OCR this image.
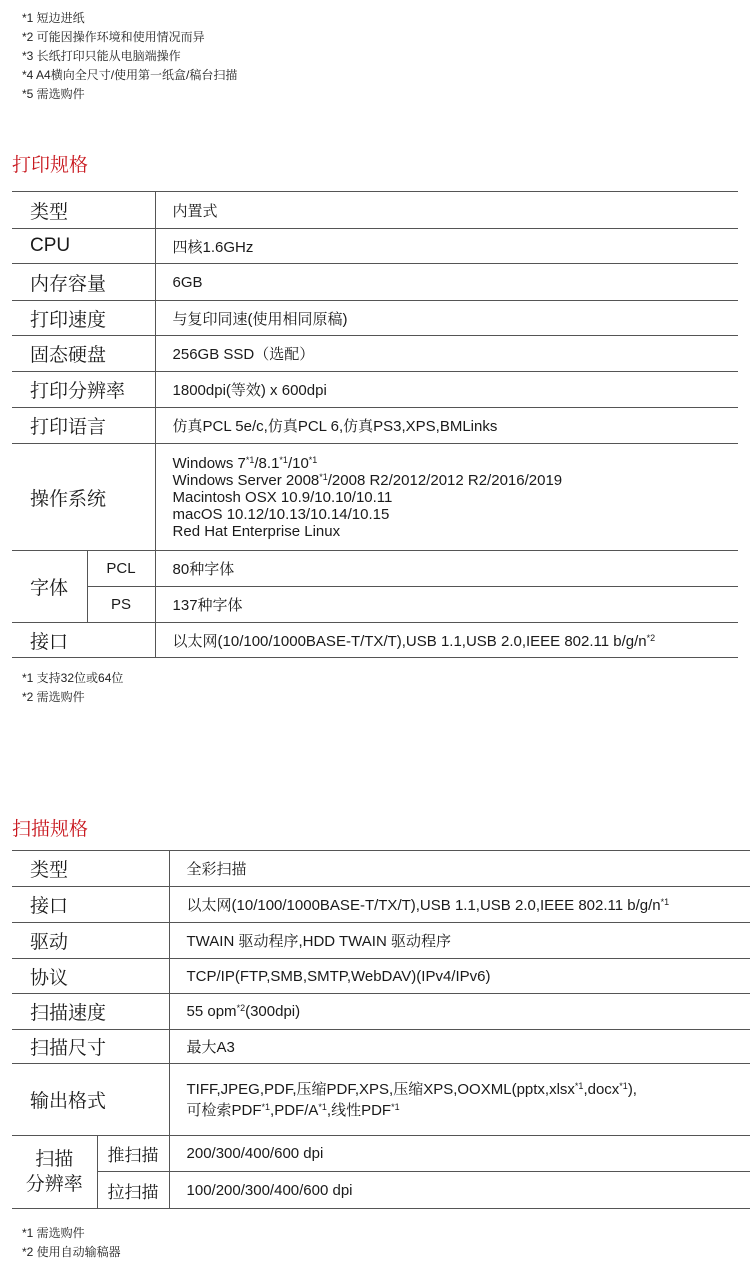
*1 短边进纸
*2 可能因操作环境和使用情况而异
*3 长纸打印只能从电脑端操作
*4 A4横向全尺寸/使用第一纸盒/稿台扫描
*5 需选购件
打印规格
类型		内置式
CPU		四核1.6GHz
内存容量		6GB
打印速度		与复印同速(使用相同原稿)
固态硬盘		256GB SSD（选配）
打印分辨率		1800dpi(等效) x 600dpi
打印语言		仿真PCL 5e/c,仿真PCL 6,仿真PS3,XPS,BMLinks
操作系统		Windows 7$^{*1}$/8.1$^{*1}$/10$^{*1}$
Windows Server 2008$^{*1}$/2008 R2/2012/2012 R2/2016/2019
Macintosh OSX 10.9/10.10/10.11
macOS 10.12/10.13/10.14/10.15
Red Hat Enterprise Linux

字体	PCL	80种字体
	PS	137种字体
接口		以太网(10/100/1000BASE-T/TX/T),USB 1.1,USB 2.0,IEEE 802.11 $b/g/n^{*2}$
*1 支持32位或64位
*2 需选购件
扫描规格
类型		全彩扫描
接口		以太网(10/100/1000BASE-T/TX/T),USB 1.1,USB 2.0,IEEE 802.11 $b/g/n^{*1}$
驱动		TWAIN 驱动程序,HDD TWAIN 驱动程序
协议		TCP/IP(FTP,SMB,SMTP,WebDAV)(IPv4/IPv6)
扫描速度		55 opm$^{*2}$(300dpi)
扫描尺寸		最大A3
输出格式		TIFF,JPEG,PDF,压缩PDF,XPS,压缩XPS,OOXML(pptx,xlsx$^{*1}$,docx$^{*1}$),
可检索$PDF^{*1},PDF/A^{*1}$,线性PDF$^{*1}$

扫描
分辨率	推扫描	200/300/400/600 dpi
	拉扫描	100/200/300/400/600 dpi
*1 需选购件
*2 使用自动输稿器
